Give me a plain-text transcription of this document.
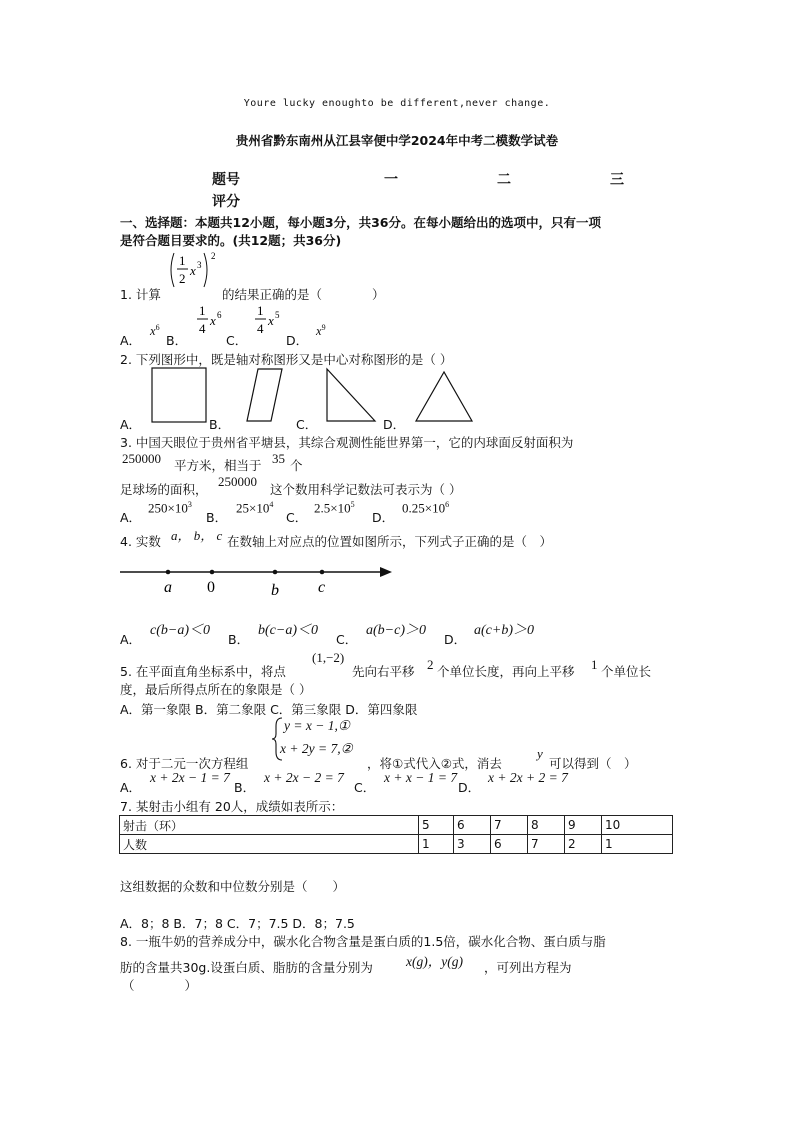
Youre lucky enoughto be different,never change.
贵州省黔东南州从江县宰便中学2024年中考二模数学试卷
题号	一	二	三
评分
一、选择题：本题共12小题，每小题3分，共36分。在每小题给出的选项中，只有一项
是符合题目要求的。(共12题；共36分)
1
2
x 3
2
1. 计算	的结果正确的是（　　　　）
A．
$x^6$
B．
1
4
x 6
C．
1
4
x 5
D．
$x^9$
2. 下列图形中，既是轴对称图形又是中心对称图形的是（ ）
A．	B．	C．	D．
3. 中国天眼位于贵州省平塘县，其综合观测性能世界第一，它的内球面反射面积为
250000 平方米，相当于 35 个
足球场的面积，
250000
这个数用科学记数法可表示为（ ）
A．
$250\times 10^3$
B．
$25\times 10^4$
C．
$2.5\times 10^5$
D．
$0.25\times 10^6$
4. 实数 a， b， c 在数轴上对应点的位置如图所示，下列式子正确的是（　）
a 0	b c
A．
c(b−a)＜0
B．
b(c−a)＜0
C．
a(b−c)＞0
D．
a(c+b)＞0
5. 在平面直角坐标系中，将点
(1,−2)
先向右平移 2 个单位长度，再向上平移 1 个单位长
度，最后所得点所在的象限是（ ）
A．第一象限 B．第二象限 C．第三象限 D．第四象限
y = x − 1,①
x + 2y = 7,②
6. 对于二元一次方程组	，将①式代入②式，消去
y
可以得到（　）
A．
x + 2x − 1 = 7
B．
x + 2x − 2 = 7
C．
x + x − 1 = 7
D．
x + 2x + 2 = 7
7. 某射击小组有 20人，成绩如表所示：
射击（环）	5	6	7	8	9	10
人数	1	3	6	7	2	1
这组数据的众数和中位数分别是（　　）
A．8；8 B．7；8 C．7；7.5 D．8；7.5
8. 一瓶牛奶的营养成分中，碳水化合物含量是蛋白质的1.5倍，碳水化合物、蛋白质与脂
肪的含量共30g.设蛋白质、脂肪的含量分别为 x(g)，y(g) ，可列出方程为
（　　　　）
